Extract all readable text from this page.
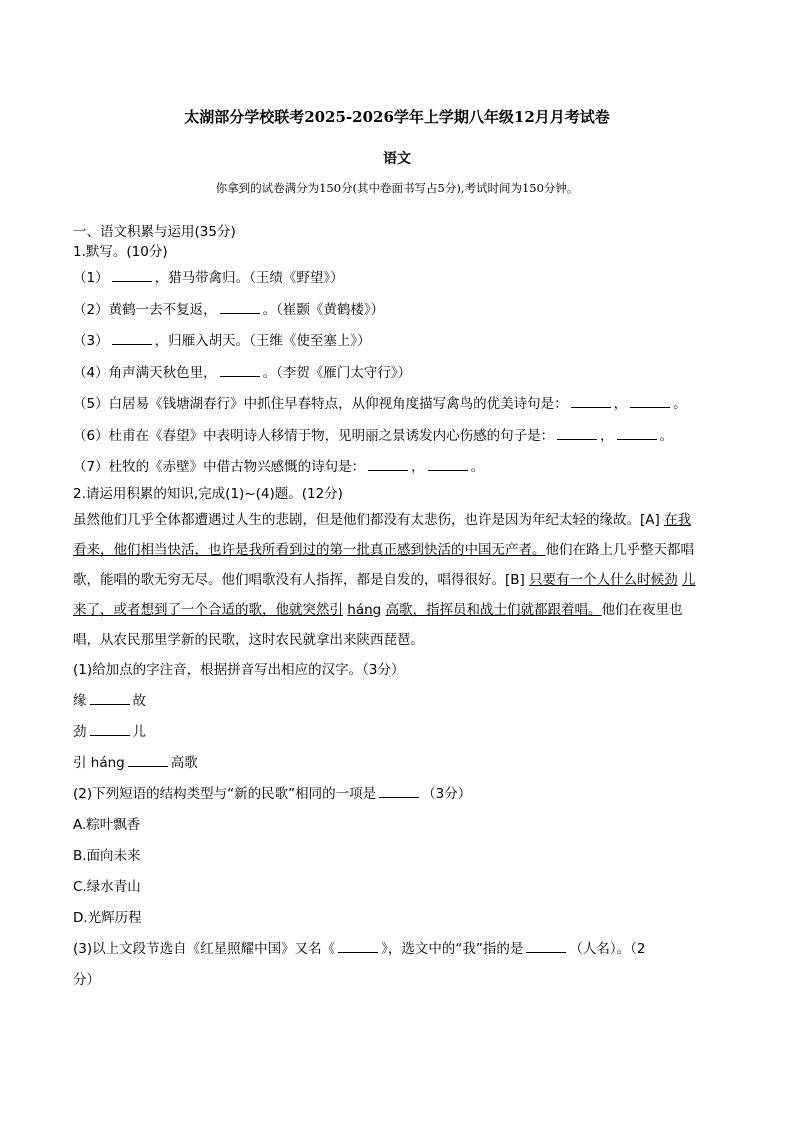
太湖部分学校联考2025-2026学年上学期八年级12月月考试卷
语文
你拿到的试卷满分为150分(其中卷面书写占5分),考试时间为150分钟。
一、语文积累与运用(35分)
1.默写。(10分)
（1）	，猎马带禽归。（王绩《野望》）
（2）黄鹤一去不复返，	。（崔颢《黄鹤楼》）
（3）	，归雁入胡天。（王维《使至塞上》）
（4）角声满天秋色里，	。（李贺《雁门太守行》）
（5）白居易《钱塘湖春行》中抓住早春特点，从仰视角度描写禽鸟的优美诗句是：	，	。
（6）杜甫在《春望》中表明诗人移情于物，见明丽之景诱发内心伤感的句子是：	，	。
（7）杜牧的《赤壁》中借古物兴感慨的诗句是：	，	。
2.请运用积累的知识,完成(1)~(4)题。(12分)
虽然他们几乎全体都遭遇过人生的悲剧，但是他们都没有太悲伤，也许是因为年纪太轻的缘故。[A] 在我
看来，他们相当快活，也许是我所看到过的第一批真正感到快活的中国无产者。他们在路上几乎整天都唱
歌，能唱的歌无穷无尽。他们唱歌没有人指挥，都是自发的，唱得很好。[B] 只要有一个人什么时候劲 儿
来了，或者想到了一个合适的歌，他就突然引 háng 高歌，指挥员和战士们就都跟着唱。他们在夜里也
唱，从农民那里学新的民歌，这时农民就拿出来陕西琵琶。
(1)给加点的字注音，根据拼音写出相应的汉字。（3分）
缘	故
劲	儿
引 háng	高歌
(2)下列短语的结构类型与“新的民歌”相同的一项是	（3分）
A.粽叶飘香
B.面向未来
C.绿水青山
D.光辉历程
(3)以上文段节选自《红星照耀中国》又名《	》，选文中的“我”指的是	（人名）。（2
分）
